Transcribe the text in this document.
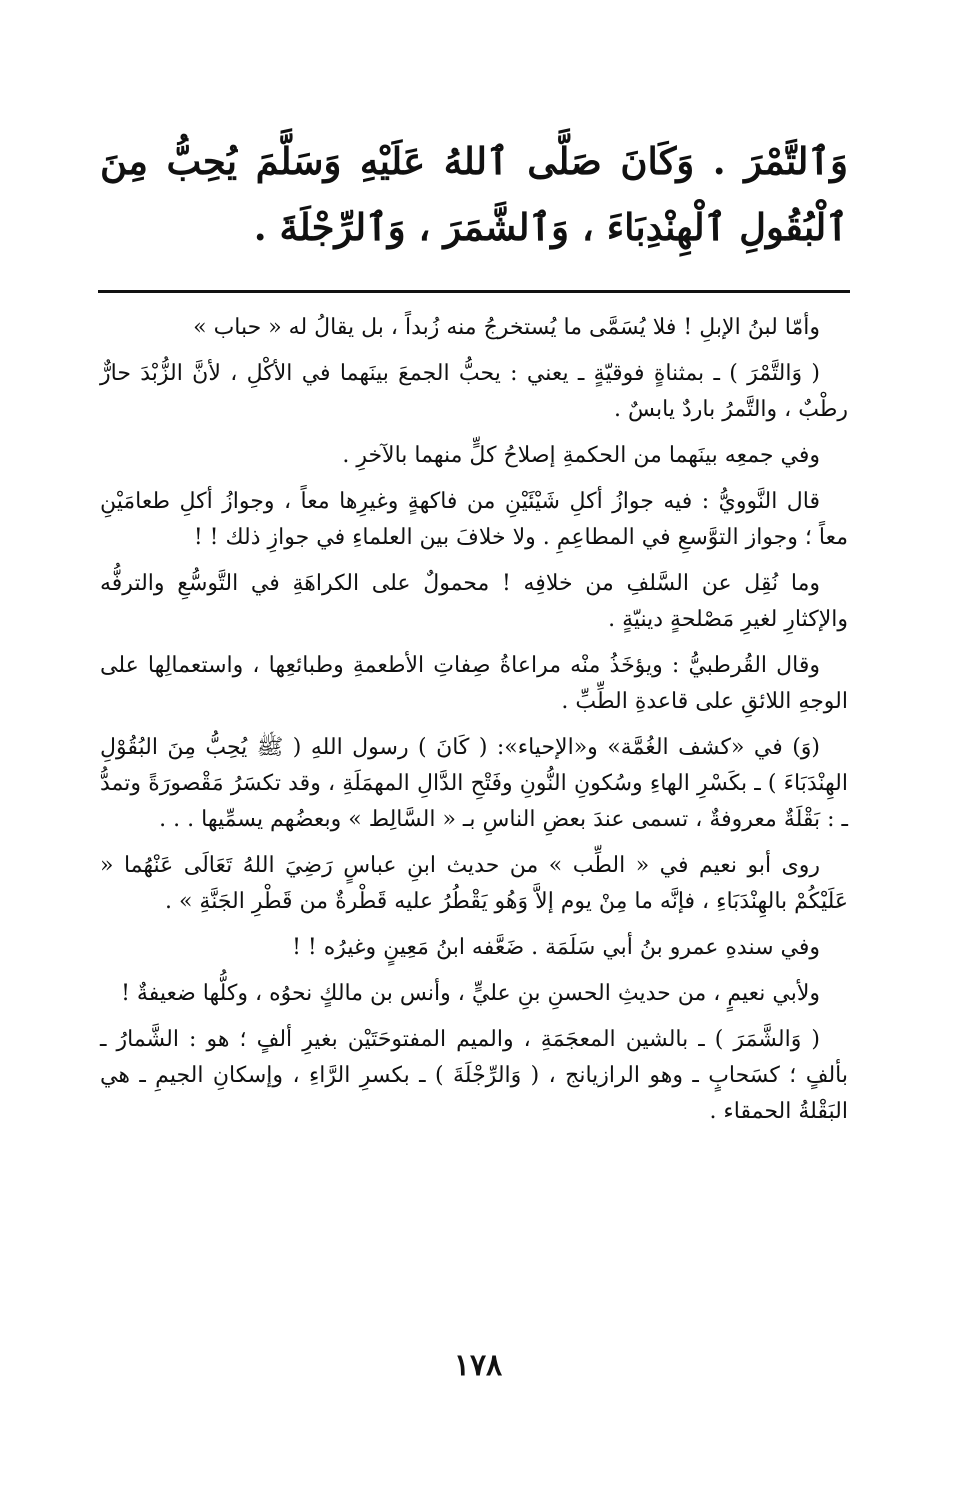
وَٱلتَّمْرَ . وَكَانَ صَلَّى ٱللهُ عَلَيْهِ وَسَلَّمَ يُحِبُّ مِنَ ٱلْبُقُولِ ٱلْهِنْدِبَاءَ ، وَٱلشَّمَرَ ، وَٱلرِّجْلَةَ .

وأمّا لبنُ الإبلِ ! فلا يُسَمَّى ما يُستخرجُ منه زُبداً ، بل يقالُ له « حباب »

( وَالتَّمْرَ ) ـ بمثناةٍ فوقيّةٍ ـ يعني : يحبُّ الجمعَ بينَهما في الأكْلِ ، لأنَّ الزُّبْدَ حارٌّ رطْبٌ ، والتَّمرُ باردٌ يابسٌ .

وفي جمعِه بينَهما من الحكمةِ إصلاحُ كلٍّ منهما بالآخرِ .

قال النَّوويُّ : فيه جوازُ أكلِ شَيْئَيْنِ من فاكهةٍ وغيرِها معاً ، وجوازُ أكلِ طعامَيْنِ معاً ؛ وجواز التوَّسعِ في المطاعِمِ . ولا خلافَ بين العلماءِ في جوازِ ذلك ! !

وما نُقِل عن السَّلفِ من خلافِه ! محمولٌ على الكراهَةِ في التَّوسُّعِ والترفُّه والإكثارِ لغيرِ مَصْلحةٍ دينيّةٍ .

وقال القُرطبيُّ : ويؤخَذُ منْه مراعاةُ صِفاتِ الأطعمةِ وطبائعِها ، واستعمالِها على الوجهِ اللائقِ على قاعدةِ الطِّبِّ .

(وَ) في «كشف الغُمَّة» و«الإحياء»: ( كَانَ ) رسول اللهِ ( ﷺ يُحِبُّ مِنَ البُقُوْلِ الهِنْدَبَاءَ ) ـ بكَسْرِ الهاءِ وسُكونِ النُّونِ وفَتْحِ الدَّالِ المهمَلَةِ ، وقد تكسَرُ مَقْصورَةً وتمدُّ ـ : بَقْلَةٌ معروفةٌ ، تسمى عندَ بعضِ الناسِ بـ « السَّالِط » وبعضُهم يسمِّيها . . .

روى أبو نعيم في « الطِّب » من حديث ابنِ عباسٍ رَضِيَ اللهُ تَعَالَى عَنْهُما « عَلَيْكُمْ بالهِنْدَبَاءِ ، فإنَّه ما مِنْ يوم إلاَّ وَهُو يَقْطُرُ عليه قَطْرةٌ من قَطْرِ الجَنَّةِ » .

وفي سندهِ عمرو بنُ أبي سَلَمَة . ضَعَّفه ابنُ مَعِينٍ وغيرُه ! !

ولأبي نعيمٍ ، من حديثِ الحسنِ بنِ عليٍّ ، وأنس بن مالكٍ نحوُه ، وكلُّها ضعيفةٌ !

( وَالشَّمَرَ ) ـ بالشين المعجَمَةِ ، والميم المفتوحَتَيْن بغيرِ ألفٍ ؛ هو : الشَّمارُ ـ بألفٍ ؛ كسَحابٍ ـ وهو الرازيانج ، ( وَالرِّجْلَةَ ) ـ بكسرِ الرَّاءِ ، وإسكانِ الجيمِ ـ هي البَقْلةُ الحمقاء .

١٧٨
